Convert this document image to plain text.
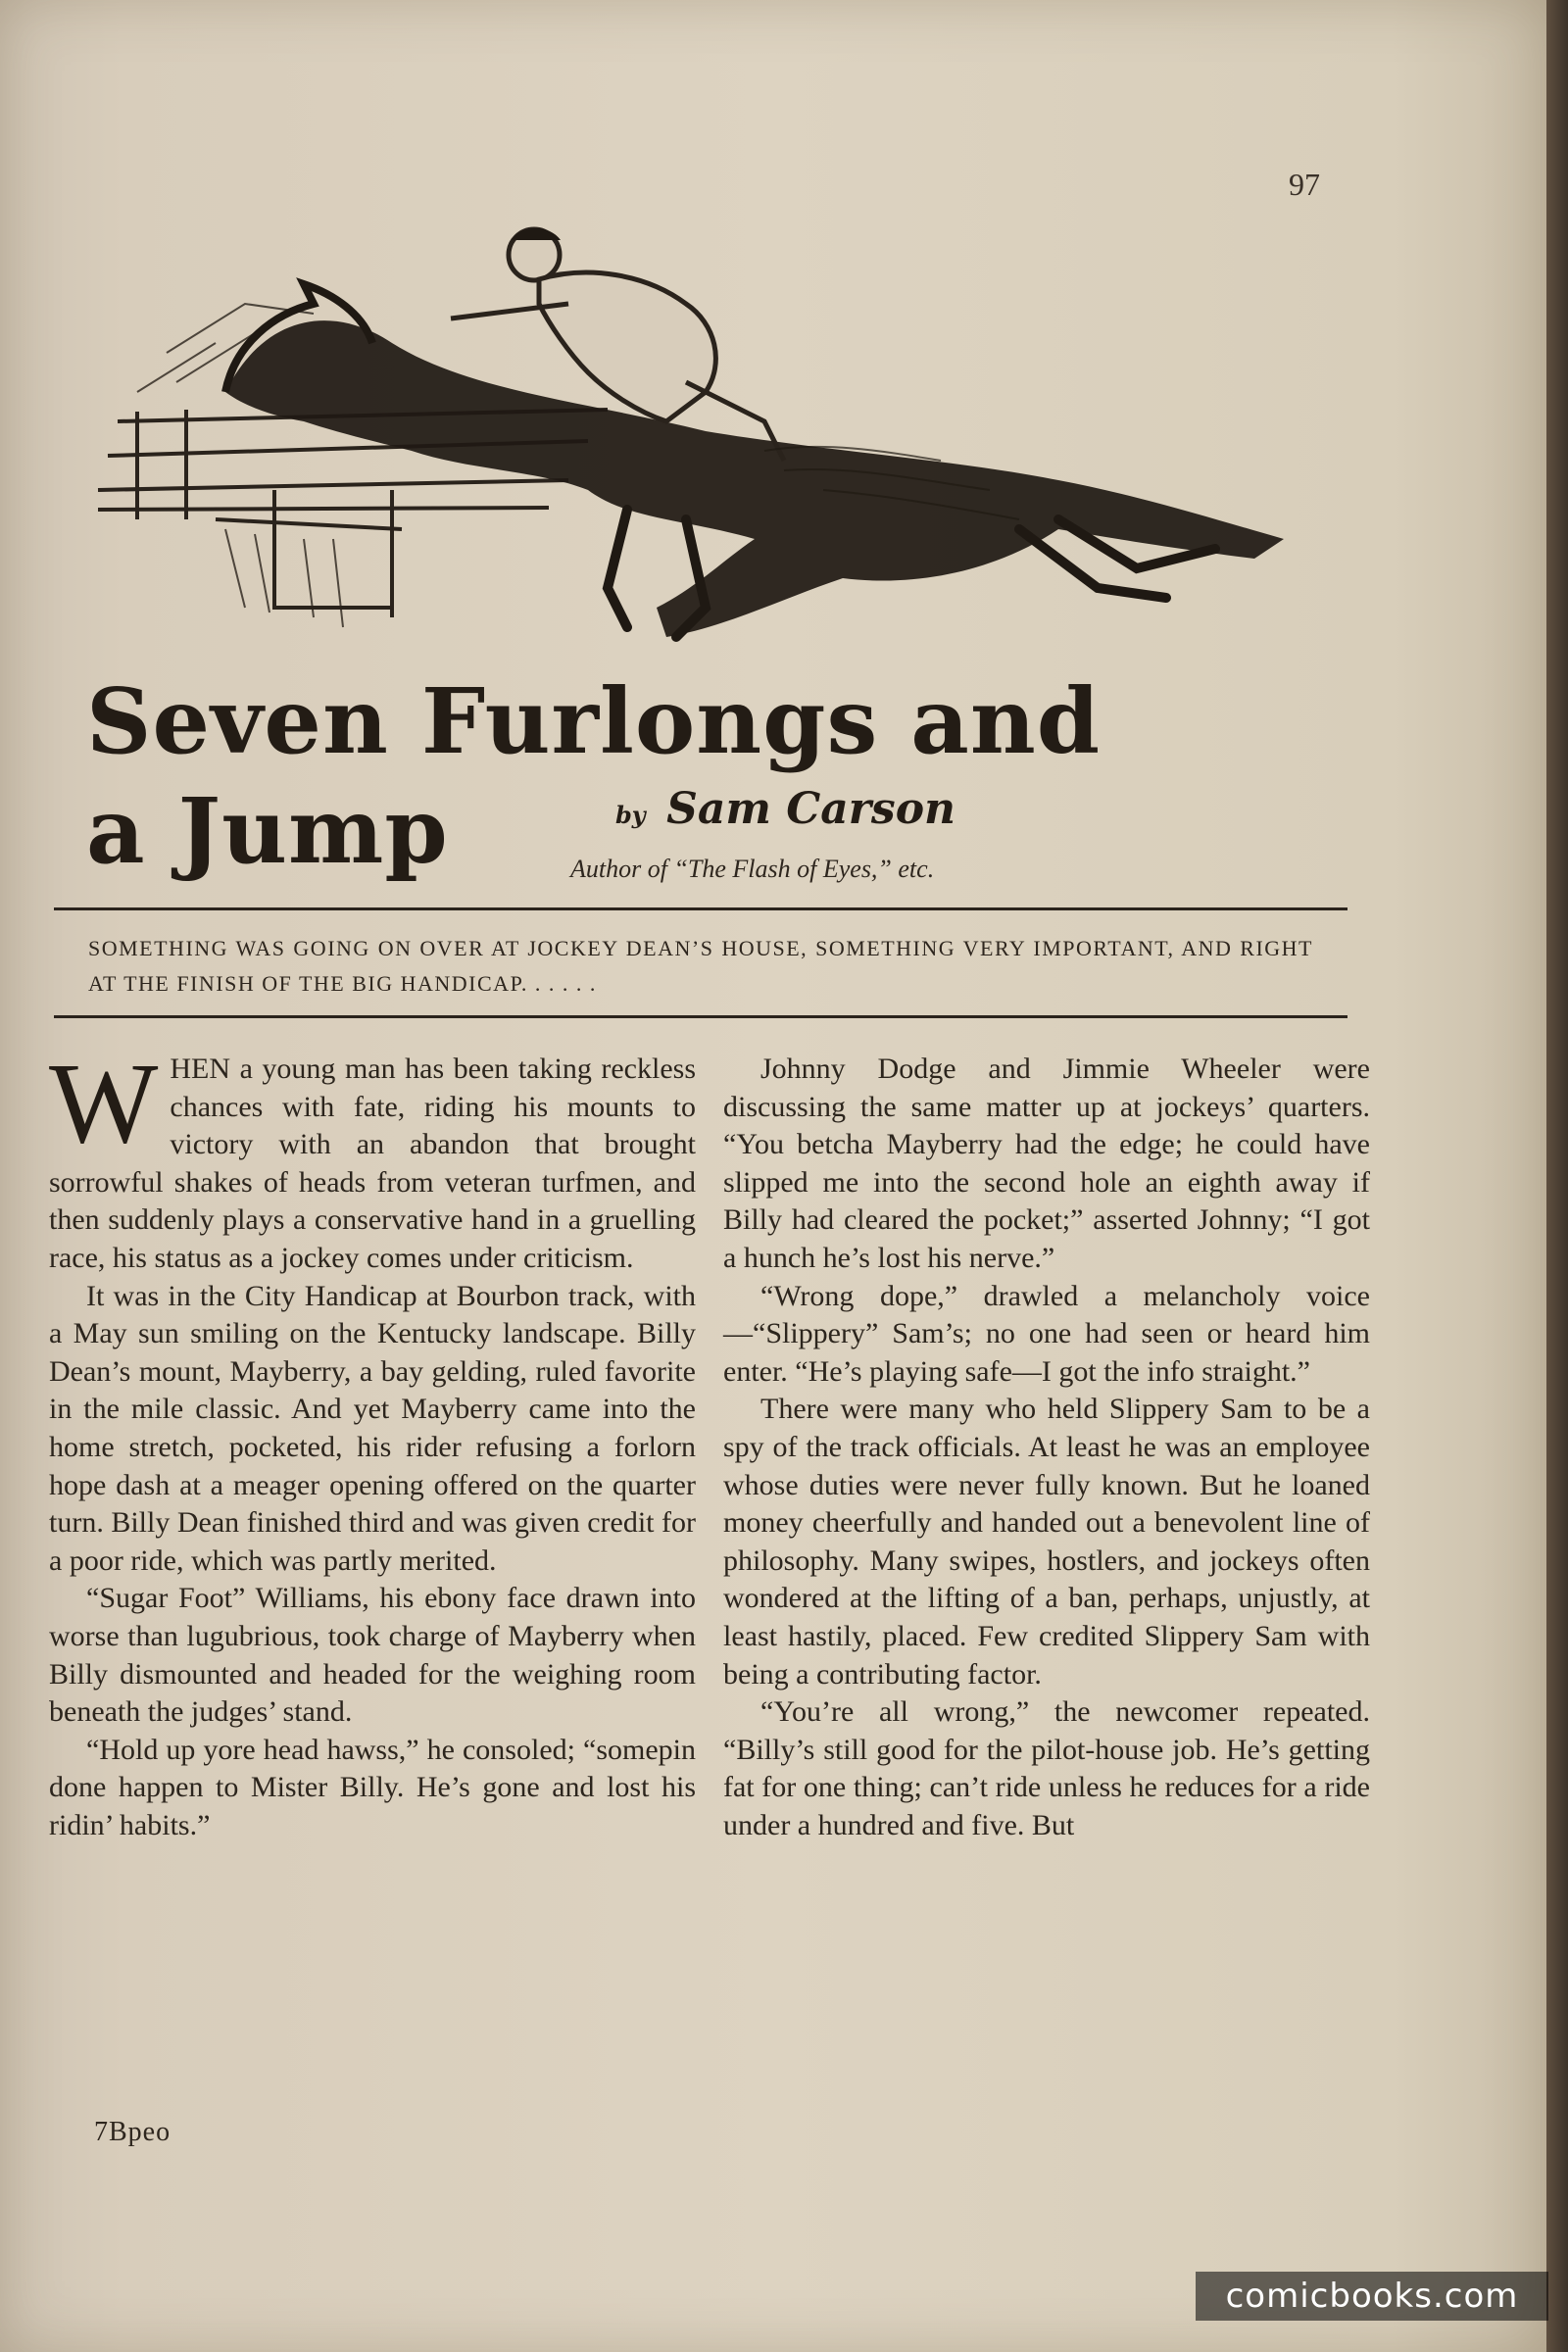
97
Seven Furlongs and
a Jump	by Sam Carson
Author of “The Flash of Eyes,” etc.
SOMETHING WAS GOING ON OVER AT JOCKEY DEAN’S HOUSE, SOMETHING VERY IMPORTANT, AND RIGHT AT THE FINISH OF THE BIG HANDICAP. . . . . .

WHEN a young man has been taking reckless chances with fate, riding his mounts to victory with an abandon that brought sorrowful shakes of heads from veteran turfmen, and then suddenly plays a conservative hand in a gruelling race, his status as a jockey comes under criticism.

It was in the City Handicap at Bourbon track, with a May sun smiling on the Kentucky landscape. Billy Dean’s mount, Mayberry, a bay gelding, ruled favorite in the mile classic. And yet Mayberry came into the home stretch, pocketed, his rider refusing a forlorn hope dash at a meager opening offered on the quarter turn. Billy Dean finished third and was given credit for a poor ride, which was partly merited.

“Sugar Foot” Williams, his ebony face drawn into worse than lugubrious, took charge of Mayberry when Billy dismounted and headed for the weighing room beneath the judges’ stand.

“Hold up yore head hawss,” he consoled; “somepin done happen to Mister Billy. He’s gone and lost his ridin’ habits.”

Johnny Dodge and Jimmie Wheeler were discussing the same matter up at jockeys’ quarters. “You betcha Mayberry had the edge; he could have slipped me into the second hole an eighth away if Billy had cleared the pocket;” asserted Johnny; “I got a hunch he’s lost his nerve.”

“Wrong dope,” drawled a melancholy voice—“Slippery” Sam’s; no one had seen or heard him enter. “He’s playing safe—I got the info straight.”

There were many who held Slippery Sam to be a spy of the track officials. At least he was an employee whose duties were never fully known. But he loaned money cheerfully and handed out a benevolent line of philosophy. Many swipes, hostlers, and jockeys often wondered at the lifting of a ban, perhaps, unjustly, at least hastily, placed. Few credited Slippery Sam with being a contributing factor.

“You’re all wrong,” the newcomer repeated. “Billy’s still good for the pilot-house job. He’s getting fat for one thing; can’t ride unless he reduces for a ride under a hundred and five. But

7Bpeo
comicbooks.com
